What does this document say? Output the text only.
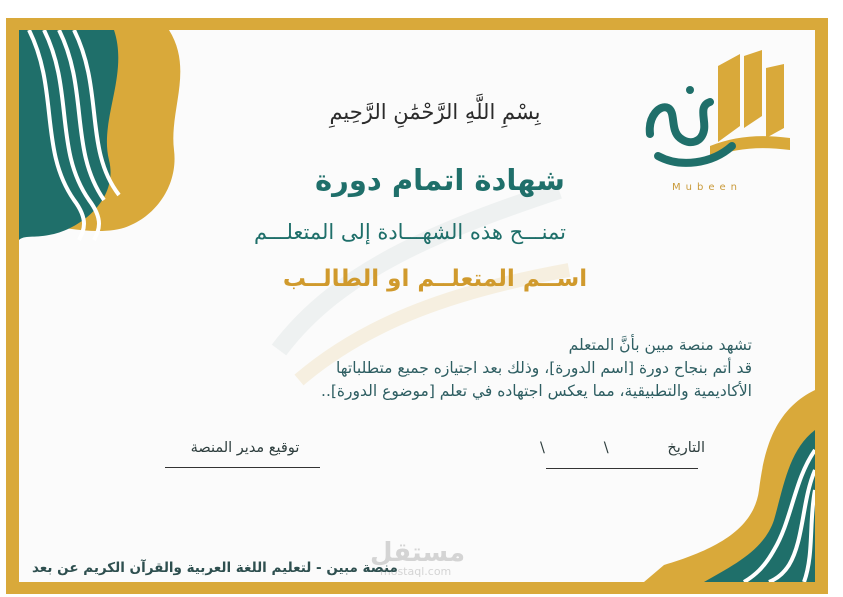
Mubeen
بِسْمِ اللَّهِ الرَّحْمَٰنِ الرَّحِيمِ
شهادة اتمام دورة
تمنـــح هذه الشهـــادة إلى المتعلـــم
اســم المتعلــم او الطالــب
تشهد منصة مبين بأنَّ المتعلم
قد أتم بنجاح دورة [اسم الدورة]، وذلك بعد اجتيازه جميع متطلباتها
الأكاديمية والتطبيقية، مما يعكس اجتهاده في تعلم [موضوع الدورة]..
توقيع مدير المنصة	التاريخ
\
\
مستقل
mostaql.com
منصة مبين - لتعليم اللغة العربية والقرآن الكريم عن بعد
